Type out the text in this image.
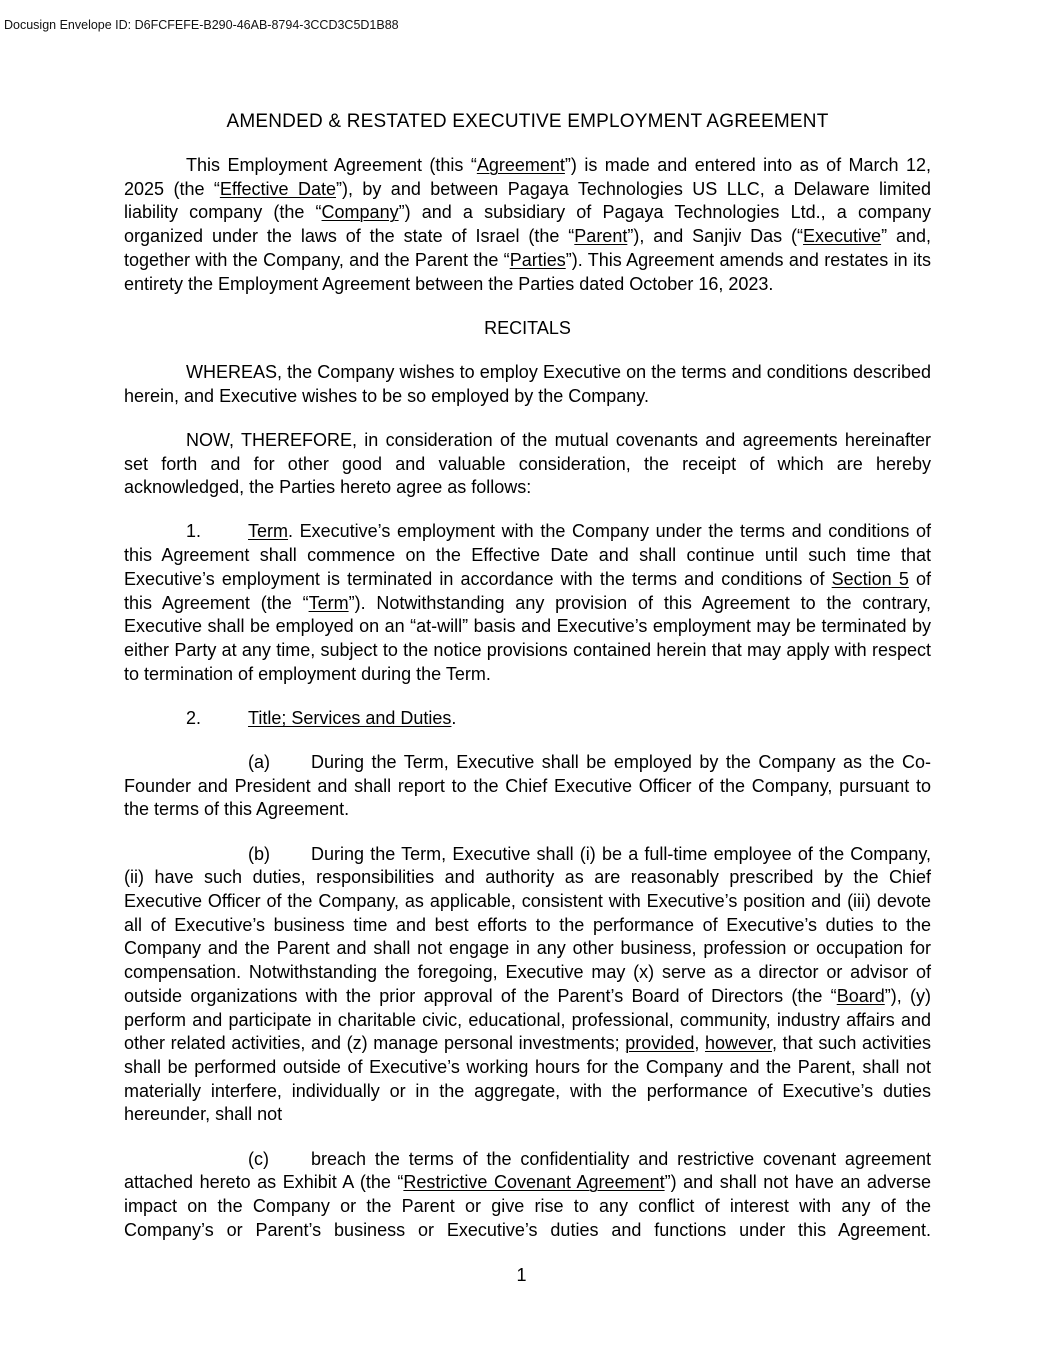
Docusign Envelope ID: D6FCFEFE-B290-46AB-8794-3CCD3C5D1B88
AMENDED & RESTATED EXECUTIVE EMPLOYMENT AGREEMENT

This Employment Agreement (this “Agreement”) is made and entered into as of March 12, 2025 (the “Effective Date”), by and between Pagaya Technologies US LLC, a Delaware limited liability company (the “Company”) and a subsidiary of Pagaya Technologies Ltd., a company organized under the laws of the state of Israel (the “Parent”), and Sanjiv Das (“Executive” and, together with the Company, and the Parent the “Parties”). This Agreement amends and restates in its entirety the Employment Agreement between the Parties dated October 16, 2023.

RECITALS

WHEREAS, the Company wishes to employ Executive on the terms and conditions described herein, and Executive wishes to be so employed by the Company.

NOW, THEREFORE, in consideration of the mutual covenants and agreements hereinafter set forth and for other good and valuable consideration, the receipt of which are hereby acknowledged, the Parties hereto agree as follows:

1.	Term. Executive’s employment with the Company under the terms and conditions of this Agreement shall commence on the Effective Date and shall continue until such time that Executive’s employment is terminated in accordance with the terms and conditions of Section 5 of this Agreement (the “Term”). Notwithstanding any provision of this Agreement to the contrary, Executive shall be employed on an “at-will” basis and Executive’s employment may be terminated by either Party at any time, subject to the notice provisions contained herein that may apply with respect to termination of employment during the Term.

2.	Title; Services and Duties.

(a) During the Term, Executive shall be employed by the Company as the Co-Founder and President and shall report to the Chief Executive Officer of the Company, pursuant to the terms of this Agreement.

(b) During the Term, Executive shall (i) be a full-time employee of the Company, (ii) have such duties, responsibilities and authority as are reasonably prescribed by the Chief Executive Officer of the Company, as applicable, consistent with Executive’s position and (iii) devote all of Executive’s business time and best efforts to the performance of Executive’s duties to the Company and the Parent and shall not engage in any other business, profession or occupation for compensation. Notwithstanding the foregoing, Executive may (x) serve as a director or advisor of outside organizations with the prior approval of the Parent’s Board of Directors (the “Board”), (y) perform and participate in charitable civic, educational, professional, community, industry affairs and other related activities, and (z) manage personal investments; provided, however, that such activities shall be performed outside of Executive’s working hours for the Company and the Parent, shall not materially interfere, individually or in the aggregate, with the performance of Executive’s duties hereunder, shall not

(c) breach the terms of the confidentiality and restrictive covenant agreement attached hereto as Exhibit A (the “Restrictive Covenant Agreement”) and shall not have an adverse impact on the Company or the Parent or give rise to any conflict of interest with any of the Company’s or Parent’s business or Executive’s duties and functions under this Agreement.

1
